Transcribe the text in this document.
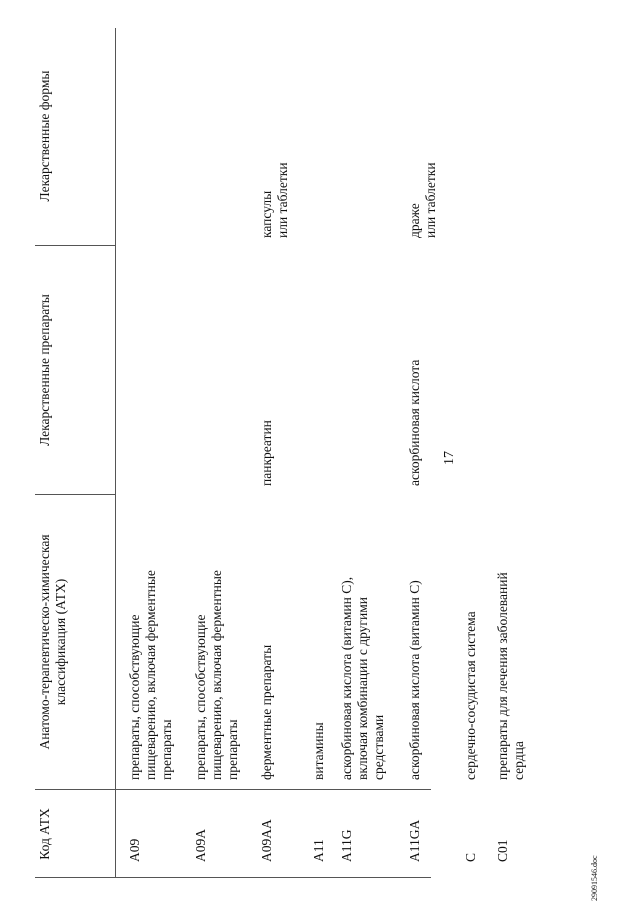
17
Код АТХ
Анатомо-терапевтическо-химическая классификация (АТХ)
Лекарственные препараты
Лекарственные формы
A09
препараты, способствующие
пищеварению, включая ферментные
препараты
A09A
препараты, способствующие
пищеварению, включая ферментные
препараты
A09AA
ферментные препараты
панкреатин
капсулы
или таблетки
A11
витамины
A11G
аскорбиновая кислота (витамин С),
включая комбинации с другими
средствами
A11GA
аскорбиновая кислота (витамин С)
аскорбиновая кислота
драже
или таблетки
C
сердечно-сосудистая система
C01
препараты для лечения заболеваний
сердца
29091546.doc
